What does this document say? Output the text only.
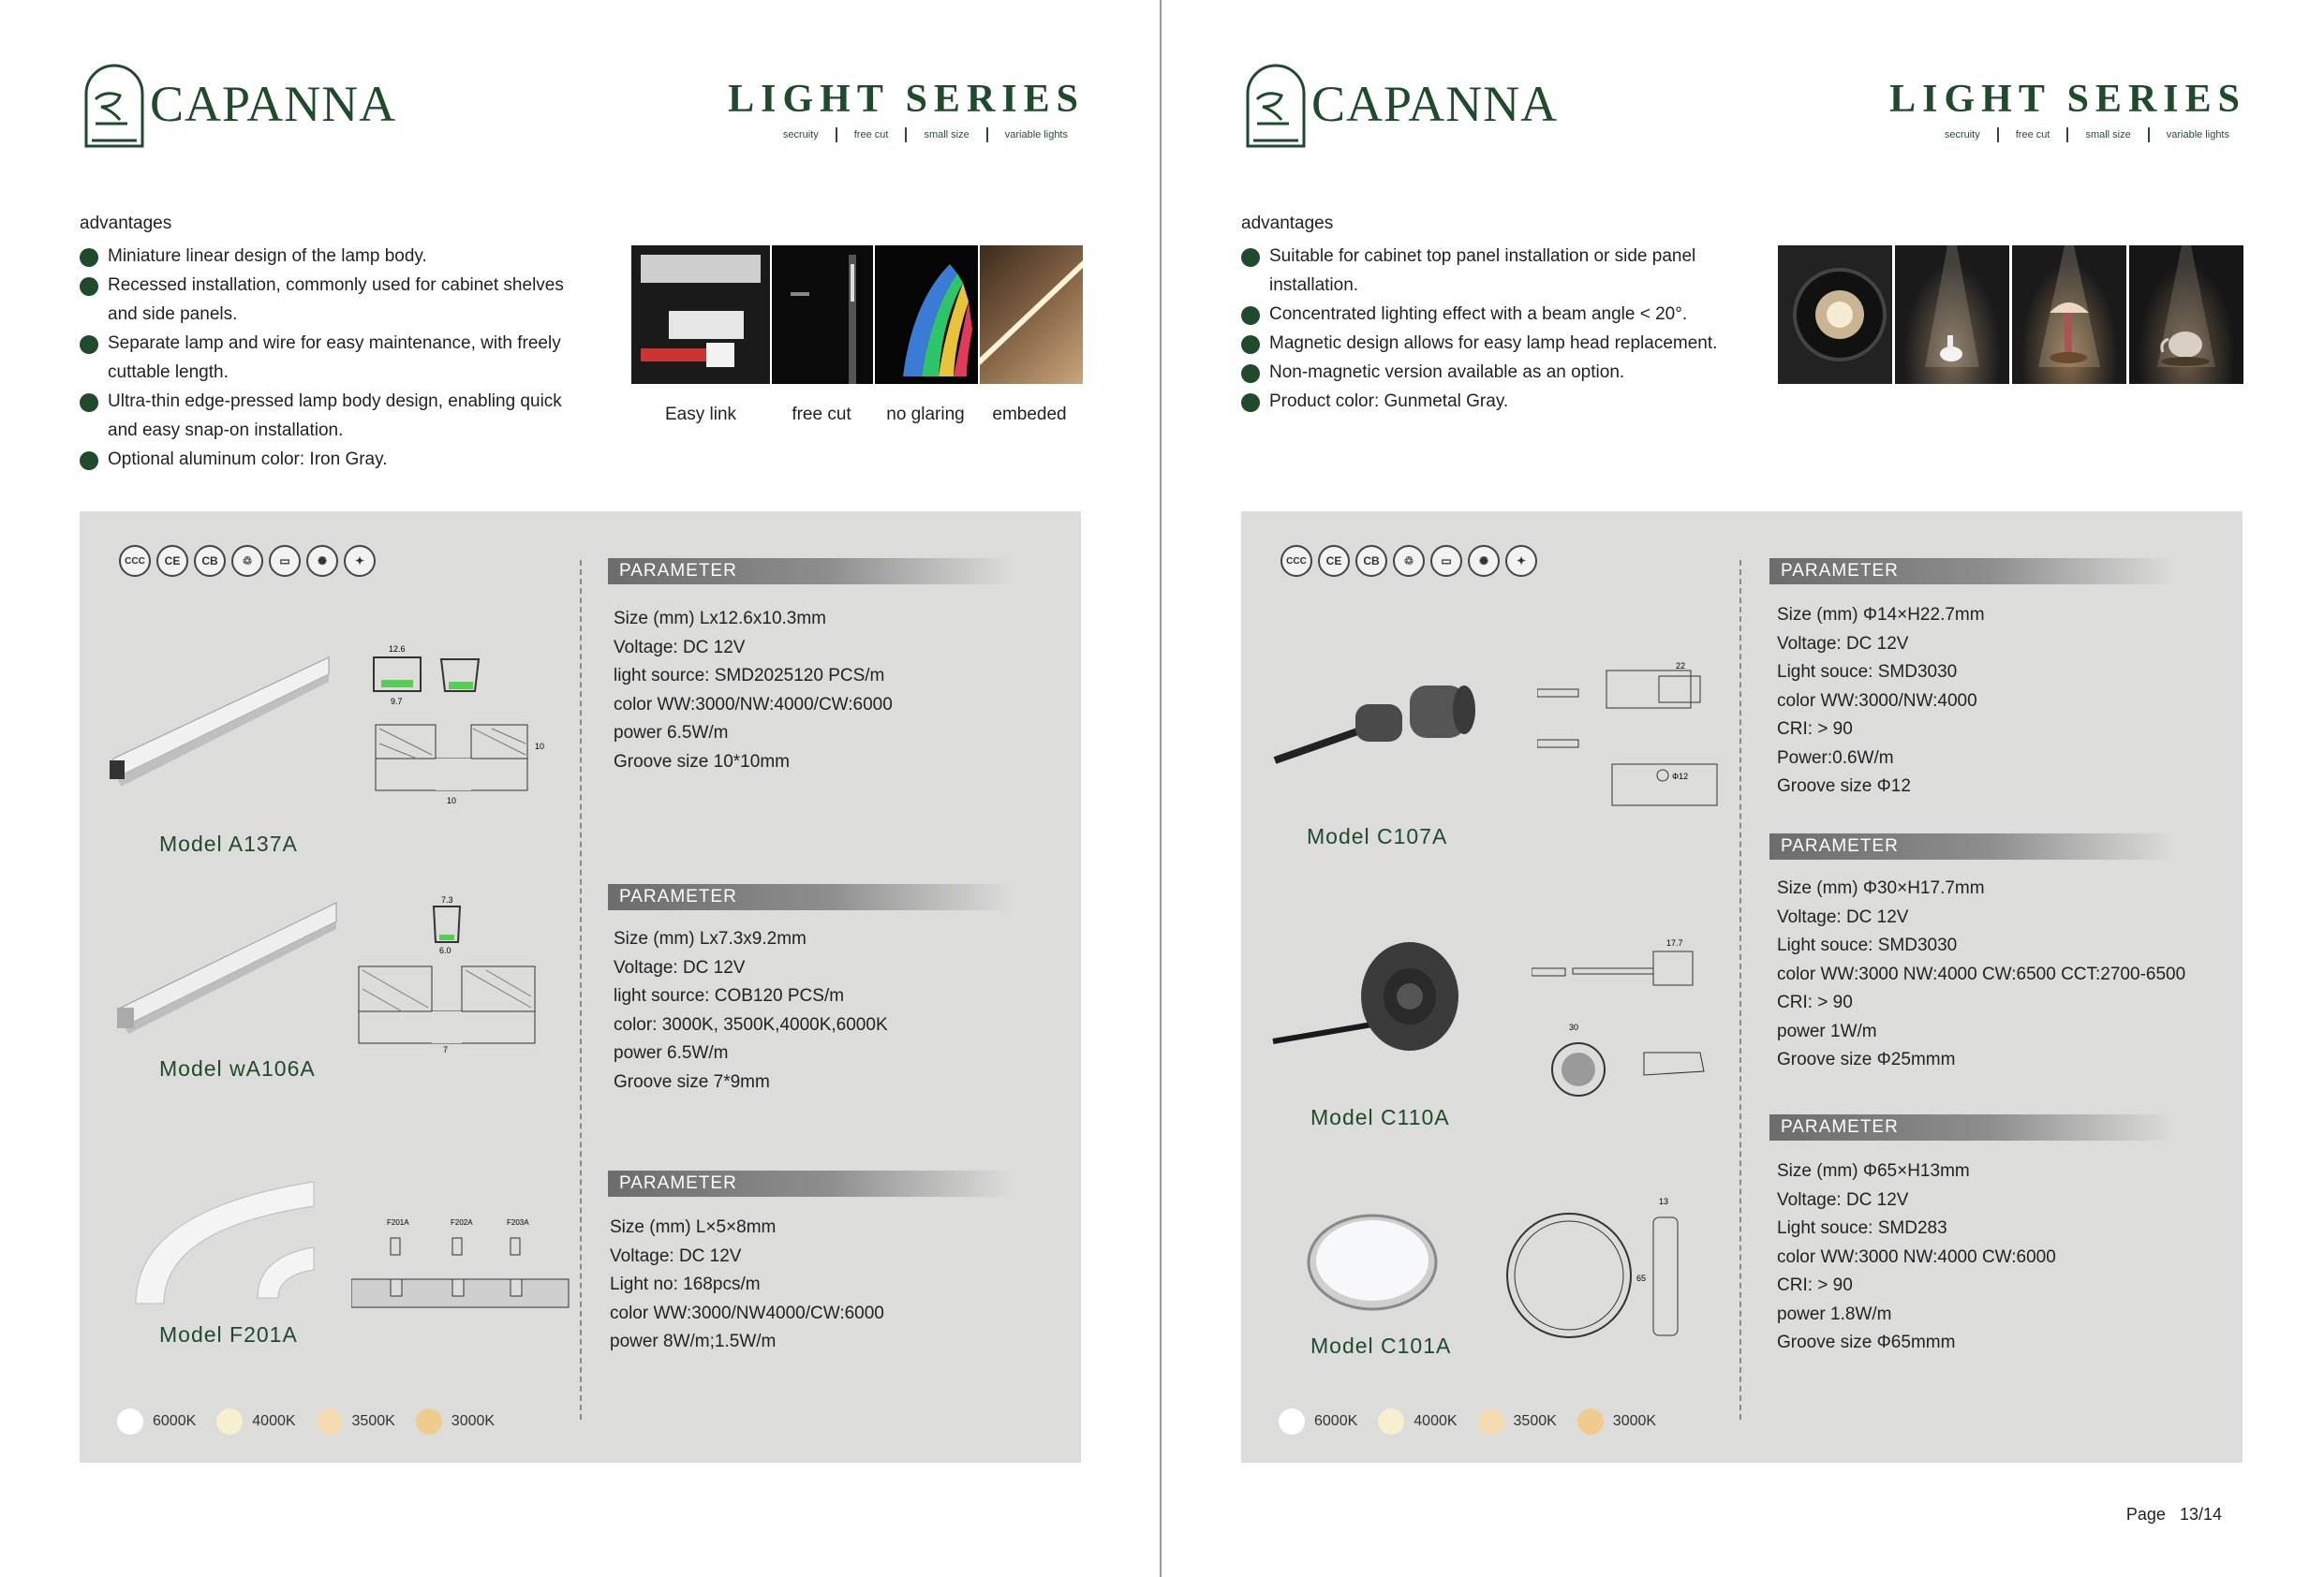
CAPANNA	LIGHT SERIES
secruity	free cut	small size	variable lights
advantages
Miniature linear design of the lamp body.
Recessed installation, commonly used for cabinet shelves and side panels.
Separate lamp and wire for easy maintenance, with freely cuttable length.
Ultra-thin edge-pressed lamp body design, enabling quick and easy snap-on installation.
Optional aluminum color: Iron Gray.
Easy link	free cut	no glaring	embeded
CCC	CE	CB	♲	▭	✺	✦
12.6
9.7
10
10
Model A137A
PARAMETER
Size (mm) Lx12.6x10.3mm
Voltage: DC 12V
light source: SMD2025120 PCS/m
color WW:3000/NW:4000/CW:6000
power 6.5W/m
Groove size 10*10mm
7.3
6.0
7
Model wA106A
PARAMETER
Size (mm) Lx7.3x9.2mm
Voltage: DC 12V
light source: COB120 PCS/m
color: 3000K, 3500K,4000K,6000K
power 6.5W/m
Groove size 7*9mm
F201A	F202A	F203A
Model F201A
PARAMETER
Size (mm) L×5×8mm
Voltage: DC 12V
Light no: 168pcs/m
color WW:3000/NW4000/CW:6000
power 8W/m;1.5W/m
6000K	4000K	3500K	3000K
CAPANNA	LIGHT SERIES
secruity	free cut	small size	variable lights
advantages
Suitable for cabinet top panel installation or side panel installation.
Concentrated lighting effect with a beam angle < 20°.
Magnetic design allows for easy lamp head replacement.
Non-magnetic version available as an option.
Product color: Gunmetal Gray.
CCC	CE	CB	♲	▭	✺	✦
22
Φ12
Model C107A
PARAMETER
Size (mm) Φ14×H22.7mm
Voltage: DC 12V
Light souce: SMD3030
color WW:3000/NW:4000
CRI: > 90
Power:0.6W/m
Groove size Φ12
17.7
30
Model C110A
PARAMETER
Size (mm) Φ30×H17.7mm
Voltage: DC 12V
Light souce: SMD3030
color WW:3000 NW:4000 CW:6500 CCT:2700-6500
CRI: > 90
power 1W/m
Groove size Φ25mmm
13
65
Model C101A
PARAMETER
Size (mm) Φ65×H13mm
Voltage: DC 12V
Light souce: SMD283
color WW:3000 NW:4000 CW:6000
CRI: > 90
power 1.8W/m
Groove size Φ65mmm
6000K	4000K	3500K	3000K
Page 13/14
